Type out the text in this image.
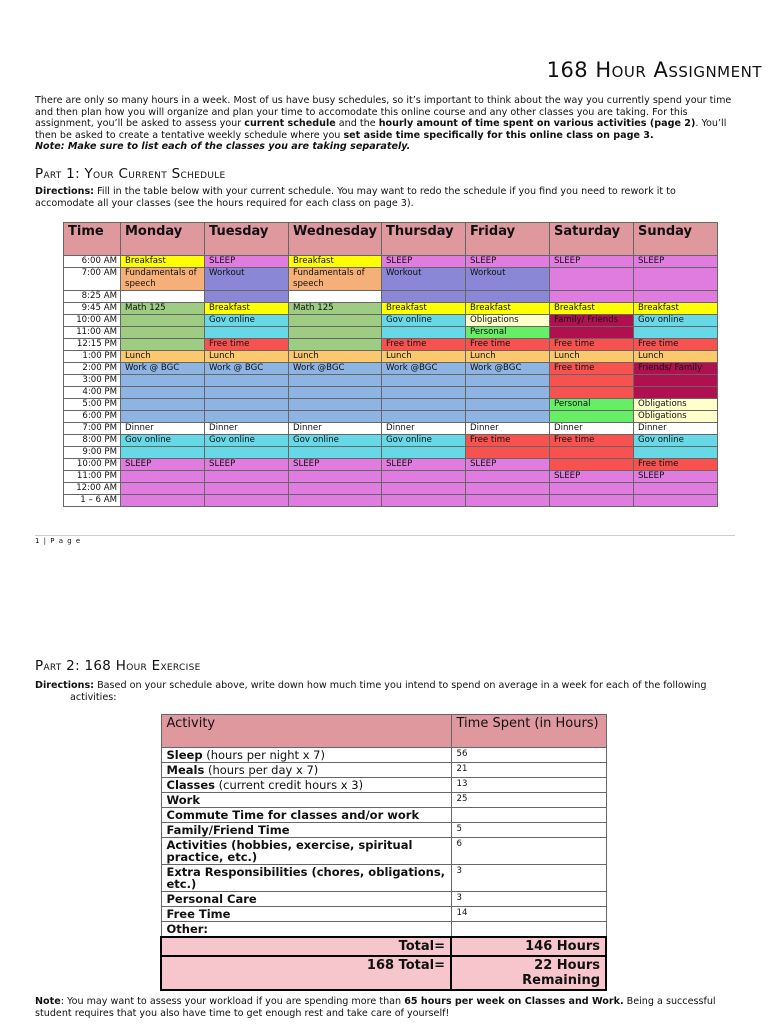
168 Hour Assignment
There are only so many hours in a week. Most of us have busy schedules, so it’s important to think about the way you currently spend your time and then plan how you will organize and plan your time to accomodate this online course and any other classes you are taking. For this assignment, you’ll be asked to assess your current schedule and the hourly amount of time spent on various activities (page 2). You’ll then be asked to create a tentative weekly schedule where you set aside time specifically for this online class on page 3.
Note: Make sure to list each of the classes you are taking separately.
Part 1: Your Current Schedule
Directions: Fill in the table below with your current schedule. You may want to redo the schedule if you find you need to rework it to accomodate all your classes (see the hours required for each class on page 3).
Time	Monday	Tuesday	Wednesday	Thursday	Friday	Saturday	Sunday
6:00 AM	Breakfast	SLEEP	Breakfast	SLEEP	SLEEP	SLEEP	SLEEP
7:00 AM	Fundamentals of speech	Workout	Fundamentals of speech	Workout	Workout		
8:25 AM							
9:45 AM	Math 125	Breakfast	Math 125	Breakfast	Breakfast	Breakfast	Breakfast
10:00 AM		Gov online		Gov online	Obligations	Family/ Friends	Gov online
11:00 AM					Personal		
12:15 PM		Free time		Free time	Free time	Free time	Free time
1:00 PM	Lunch	Lunch	Lunch	Lunch	Lunch	Lunch	Lunch
2:00 PM	Work @ BGC	Work @ BGC	Work @BGC	Work @BGC	Work @BGC	Free time	Friends/ Family
3:00 PM							
4:00 PM							
5:00 PM						Personal	Obligations
6:00 PM							Obligations
7:00 PM	Dinner	Dinner	Dinner	Dinner	Dinner	Dinner	Dinner
8:00 PM	Gov online	Gov online	Gov online	Gov online	Free time	Free time	Gov online
9:00 PM							
10:00 PM	SLEEP	SLEEP	SLEEP	SLEEP	SLEEP		Free time
11:00 PM						SLEEP	SLEEP
12:00 AM							
1 – 6 AM							
1 | P a g e
Part 2: 168 Hour Exercise
Directions: Based on your schedule above, write down how much time you intend to spend on average in a week for each of the following
activities:
Activity	Time Spent (in Hours)
Sleep (hours per night x 7)	56
Meals (hours per day x 7)	21
Classes (current credit hours x 3)	13
Work	25
Commute Time for classes and/or work	
Family/Friend Time	5
Activities (hobbies, exercise, spiritual practice, etc.)	6
Extra Responsibilities (chores, obligations, etc.)	3
Personal Care	3
Free Time	14
Other:	
Total=	146 Hours
168 Total=	22 Hours Remaining
Note: You may want to assess your workload if you are spending more than 65 hours per week on Classes and Work. Being a successful student requires that you also have time to get enough rest and take care of yourself!
